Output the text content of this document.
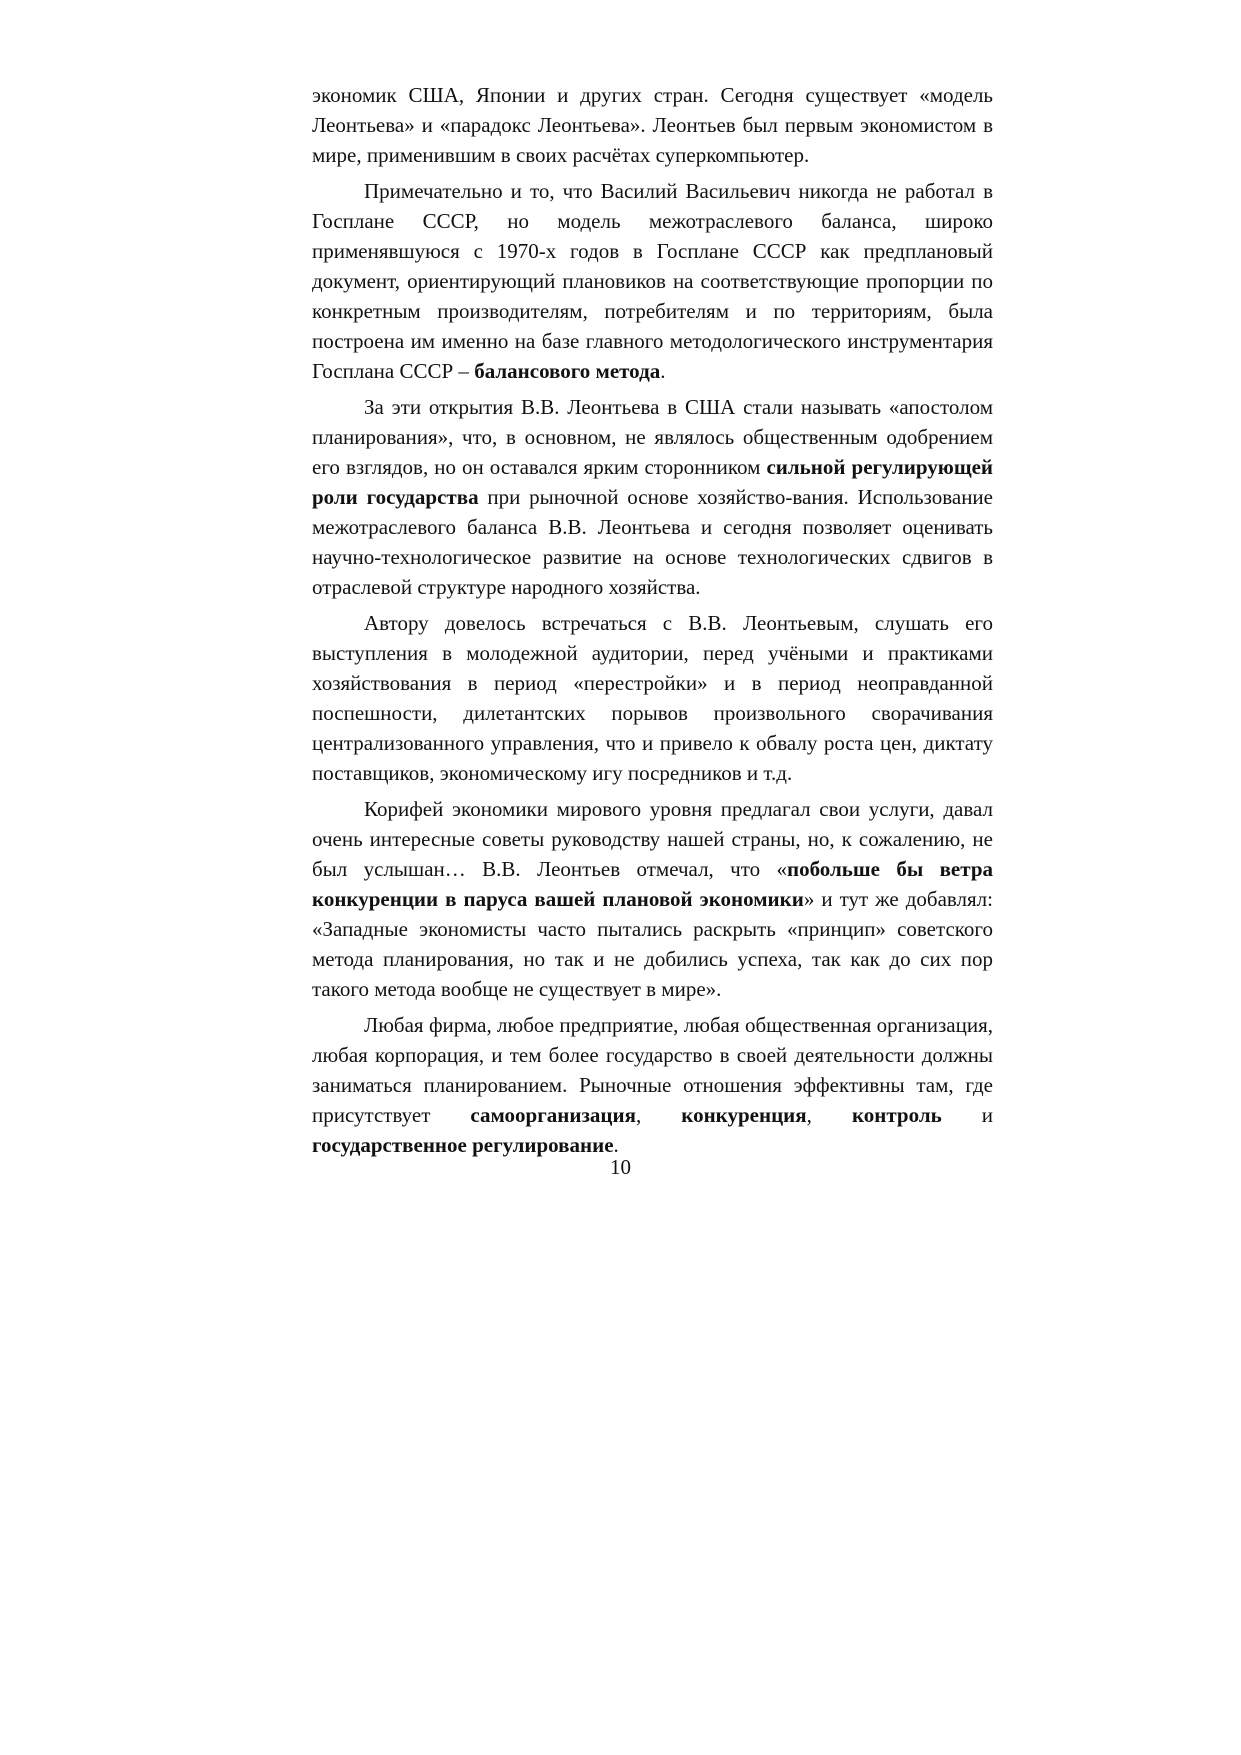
экономик США, Японии и других стран. Сегодня существует «модель Леонтьева» и «парадокс Леонтьева». Леонтьев был первым экономистом в мире, применившим в своих расчётах суперкомпьютер.

Примечательно и то, что Василий Васильевич никогда не работал в Госплане СССР, но модель межотраслевого баланса, широко применявшуюся с 1970-х годов в Госплане СССР как предплановый документ, ориентирующий плановиков на соответствующие пропорции по конкретным производителям, потребителям и по территориям, была построена им именно на базе главного методологического инструментария Госплана СССР – балансового метода.

За эти открытия В.В. Леонтьева в США стали называть «апостолом планирования», что, в основном, не являлось общественным одобрением его взглядов, но он оставался ярким сторонником сильной регулирующей роли государства при рыночной основе хозяйство-вания. Использование межотраслевого баланса В.В. Леонтьева и сегодня позволяет оценивать научно-технологическое развитие на основе технологических сдвигов в отраслевой структуре народного хозяйства.

Автору довелось встречаться с В.В. Леонтьевым, слушать его выступления в молодежной аудитории, перед учёными и практиками хозяйствования в период «перестройки» и в период неоправданной поспешности, дилетантских порывов произвольного сворачивания централизованного управления, что и привело к обвалу роста цен, диктату поставщиков, экономическому игу посредников и т.д.

Корифей экономики мирового уровня предлагал свои услуги, давал очень интересные советы руководству нашей страны, но, к сожалению, не был услышан… В.В. Леонтьев отмечал, что «побольше бы ветра конкуренции в паруса вашей плановой экономики» и тут же добавлял: «Западные экономисты часто пытались раскрыть «принцип» советского метода планирования, но так и не добились успеха, так как до сих пор такого метода вообще не существует в мире».

Любая фирма, любое предприятие, любая общественная организация, любая корпорация, и тем более государство в своей деятельности должны заниматься планированием. Рыночные отношения эффективны там, где присутствует самоорганизация, конкуренция, контроль и государственное регулирование.

10
